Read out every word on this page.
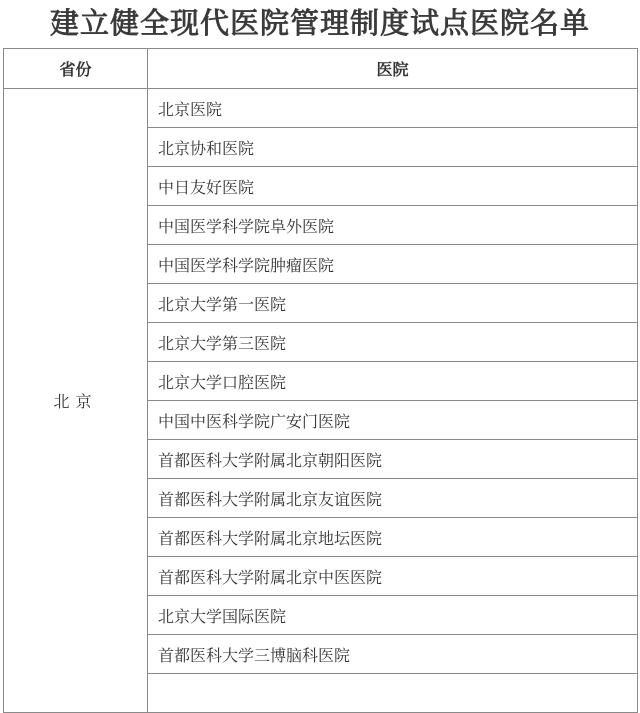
建立健全现代医院管理制度试点医院名单
省份	医院
北京	北京医院
	北京协和医院
	中日友好医院
	中国医学科学院阜外医院
	中国医学科学院肿瘤医院
	北京大学第一医院
	北京大学第三医院
	北京大学口腔医院
	中国中医科学院广安门医院
	首都医科大学附属北京朝阳医院
	首都医科大学附属北京友谊医院
	首都医科大学附属北京地坛医院
	首都医科大学附属北京中医医院
	北京大学国际医院
	首都医科大学三博脑科医院
